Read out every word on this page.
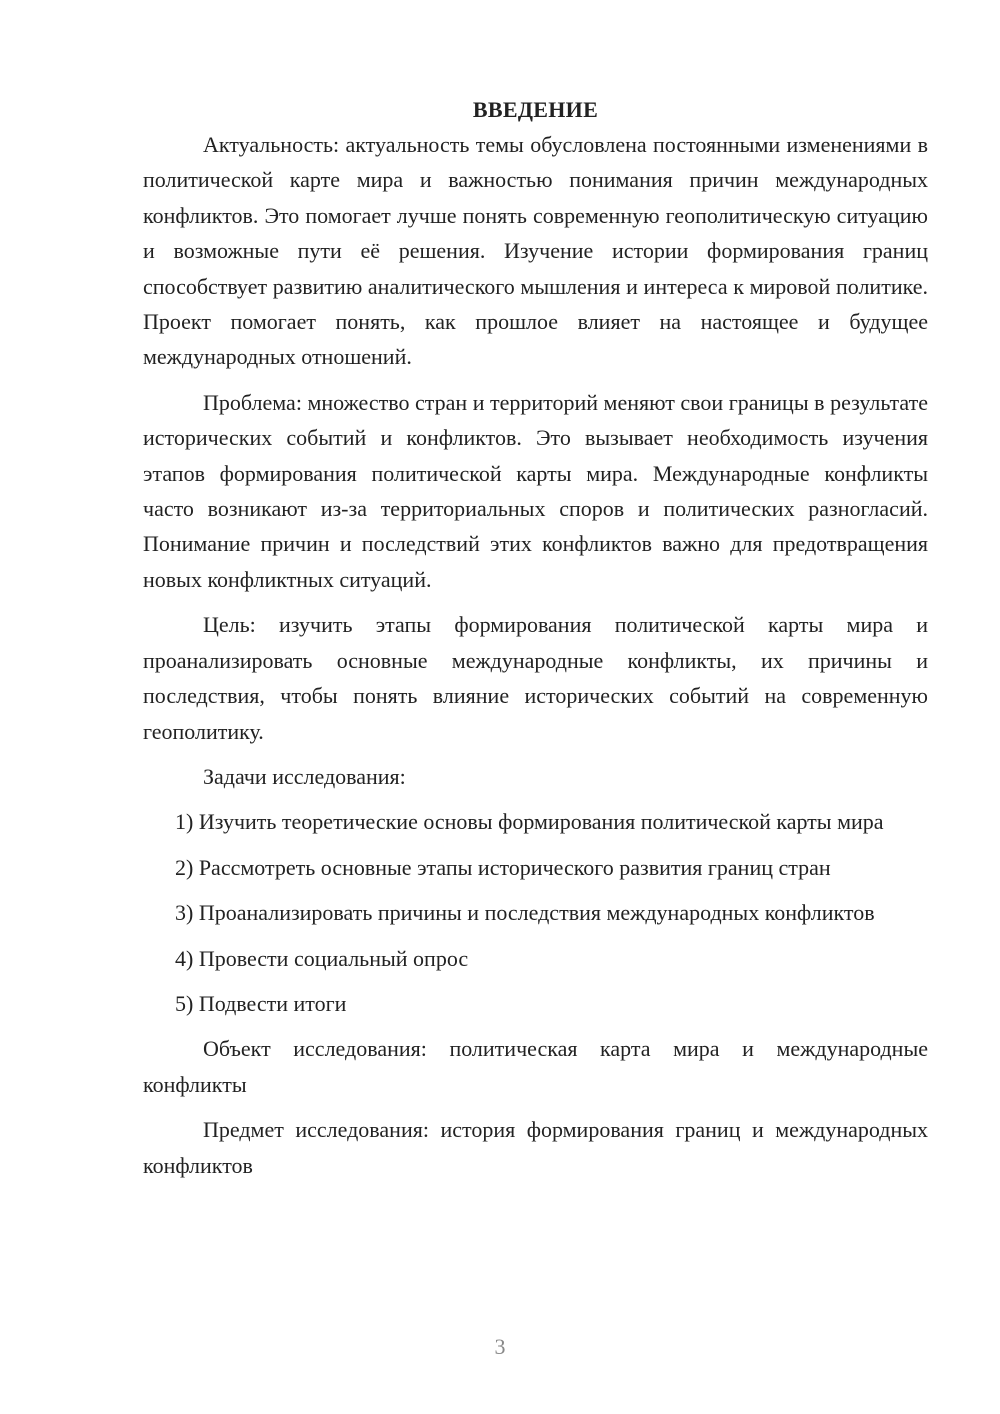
ВВЕДЕНИЕ

Актуальность: актуальность темы обусловлена постоянными изменениями в политической карте мира и важностью понимания причин международных конфликтов. Это помогает лучше понять современную геополитическую ситуацию и возможные пути её решения. Изучение истории формирования границ способствует развитию аналитического мышления и интереса к мировой политике. Проект помогает понять, как прошлое влияет на настоящее и будущее международных отношений.

Проблема: множество стран и территорий меняют свои границы в результате исторических событий и конфликтов. Это вызывает необходимость изучения этапов формирования политической карты мира. Международные конфликты часто возникают из-за территориальных споров и политических разногласий. Понимание причин и последствий этих конфликтов важно для предотвращения новых конфликтных ситуаций.

Цель: изучить этапы формирования политической карты мира и проанализировать основные международные конфликты, их причины и последствия, чтобы понять влияние исторических событий на современную геополитику.

Задачи исследования:

1) Изучить теоретические основы формирования политической карты мира

2) Рассмотреть основные этапы исторического развития границ стран

3) Проанализировать причины и последствия международных конфликтов

4) Провести социальный опрос

5) Подвести итоги

Объект исследования: политическая карта мира и международные конфликты

Предмет исследования: история формирования границ и международных конфликтов

3
